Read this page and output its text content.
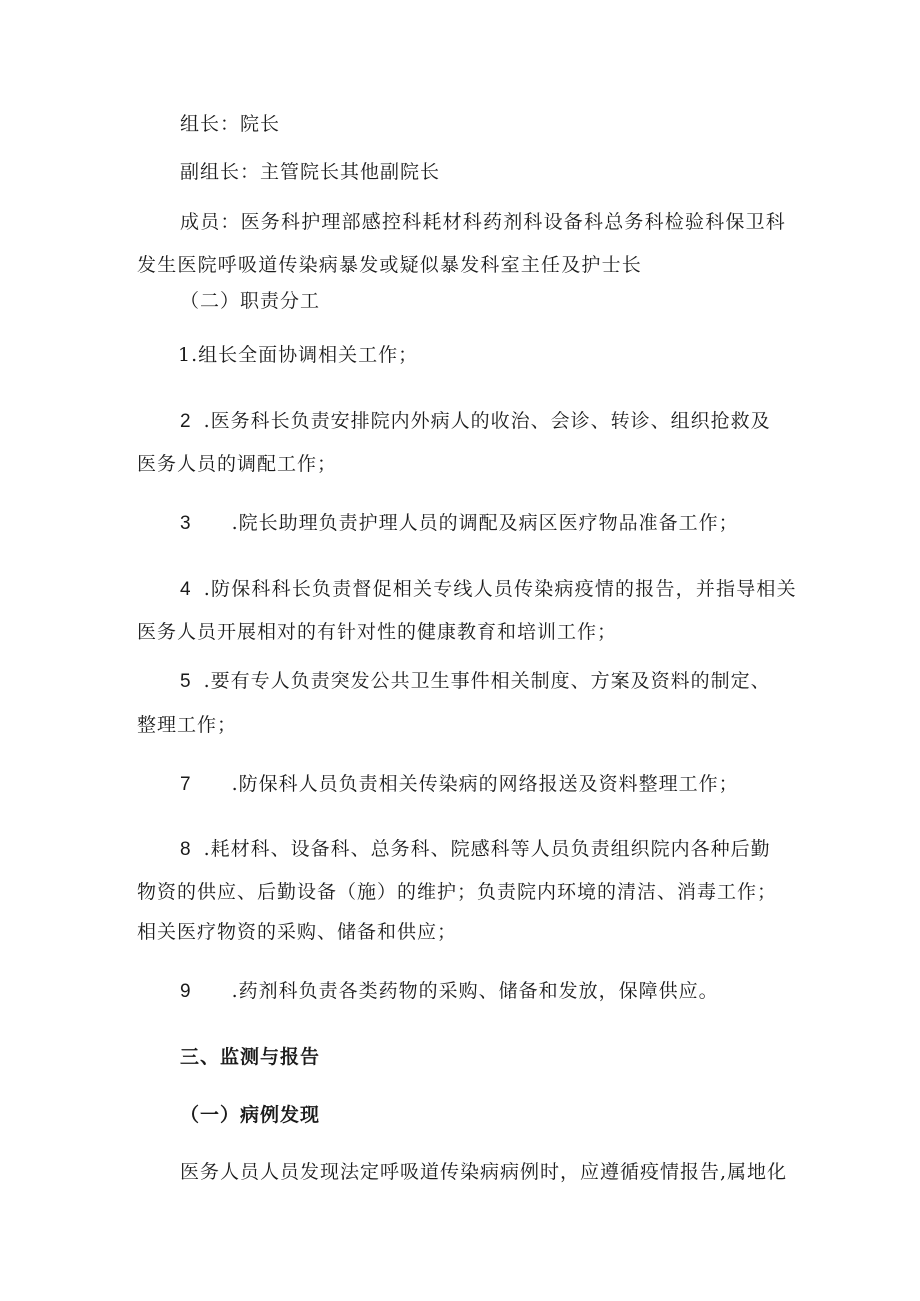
组长：院长

副组长：主管院长其他副院长

成员：医务科护理部感控科耗材科药剂科设备科总务科检验科保卫科

发生医院呼吸道传染病暴发或疑似暴发科室主任及护士长

（二）职责分工

1.组长全面协调相关工作；

2 .医务科长负责安排院内外病人的收治、会诊、转诊、组织抢救及

医务人员的调配工作；

3 .院长助理负责护理人员的调配及病区医疗物品准备工作；

4 .防保科科长负责督促相关专线人员传染病疫情的报告，并指导相关

医务人员开展相对的有针对性的健康教育和培训工作；

5 .要有专人负责突发公共卫生事件相关制度、方案及资料的制定、

整理工作；

7 .防保科人员负责相关传染病的网络报送及资料整理工作；

8 .耗材科、设备科、总务科、院感科等人员负责组织院内各种后勤

物资的供应、后勤设备（施）的维护；负责院内环境的清洁、消毒工作；

相关医疗物资的采购、储备和供应；

9 .药剂科负责各类药物的采购、储备和发放，保障供应。

三、监测与报告

（一）病例发现

医务人员人员发现法定呼吸道传染病病例时，应遵循疫情报告,属地化
